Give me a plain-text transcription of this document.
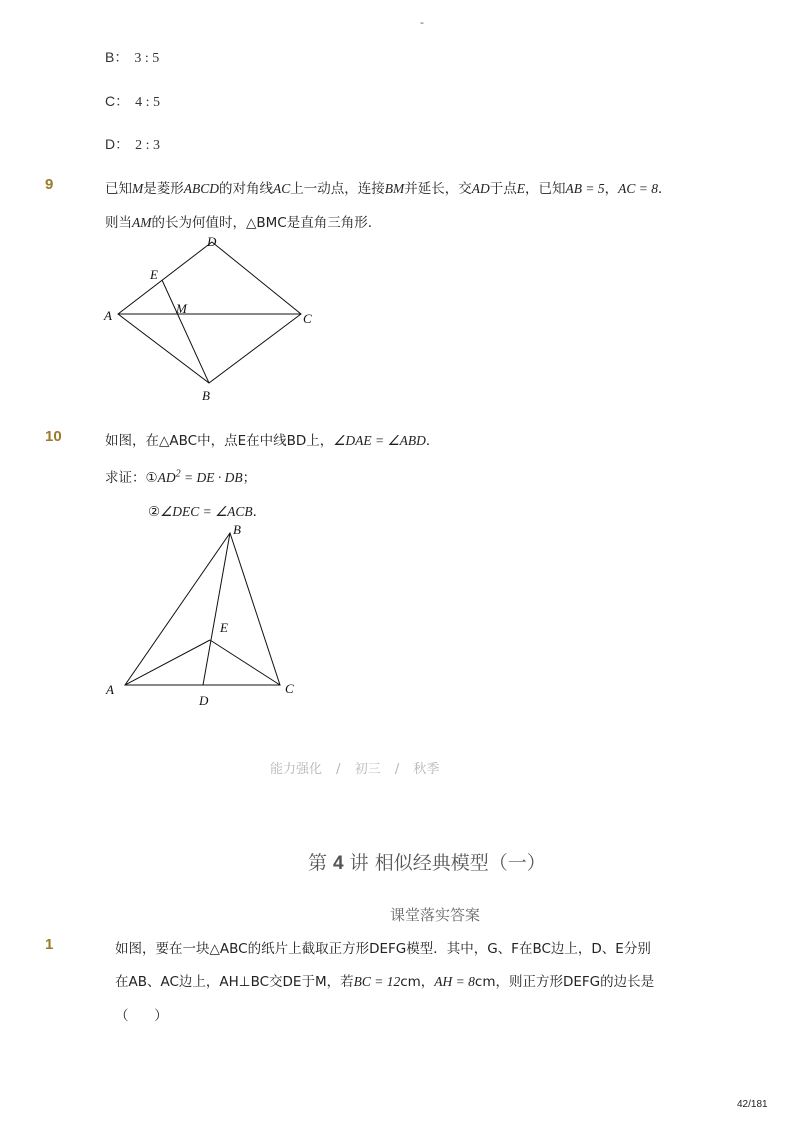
-
B： 3 : 5
C： 4 : 5
D： 2 : 3
9	已知M是菱形ABCD的对角线AC上一动点，连接BM并延长，交AD于点E，已知AB = 5，AC = 8．
则当AM的长为何值时，△BMC是直角三角形.
D
E
M
A	C
B
10	如图，在△ABC中，点E在中线BD上，∠DAE = ∠ABD．
求证：$①AD^2$ = DE · DB；
②∠DEC = ∠ACB．
B
E
A	C
D
能力强化 / 初三 / 秋季
第 4 讲 相似经典模型（一）
课堂落实答案
1	如图，要在一块△ABC的纸片上截取正方形DEFG模型．其中，G、F在BC边上，D、E分别
在AB、AC边上，AH⊥BC交DE于M，若BC = 12cm，AH = 8cm，则正方形DEFG的边长是
（      ）
42/181
